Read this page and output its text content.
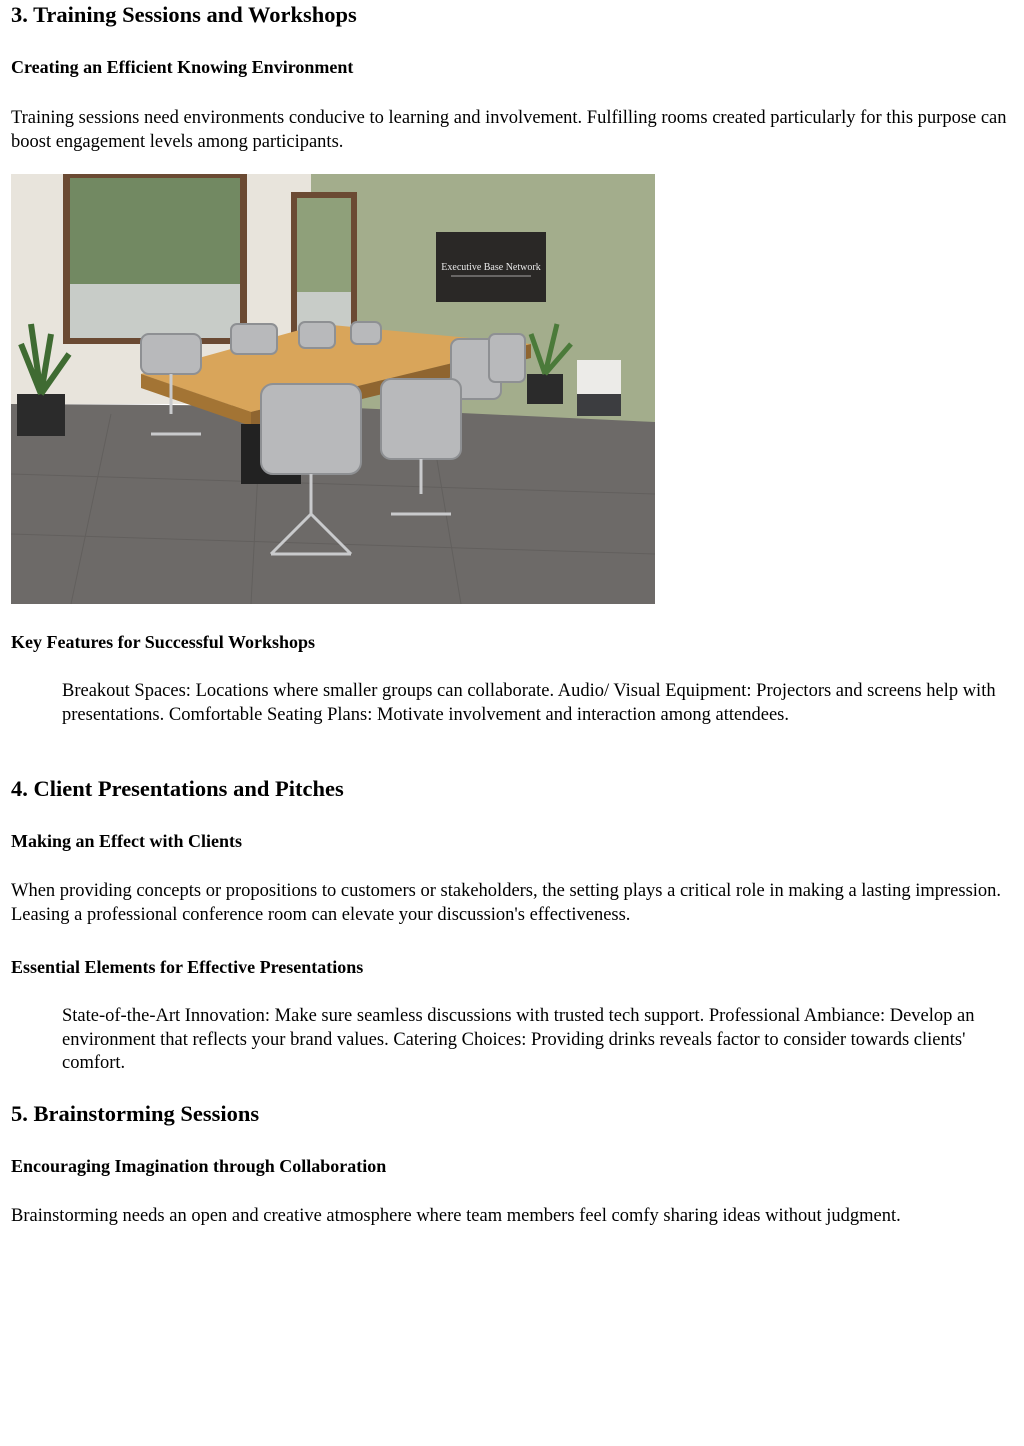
3. Training Sessions and Workshops
Creating an Efficient Knowing Environment

Training sessions need environments conducive to learning and involvement. Fulfilling rooms created particularly for this purpose can boost engagement levels among participants.

Executive Base Network
Key Features for Successful Workshops

Breakout Spaces: Locations where smaller groups can collaborate. Audio/ Visual Equipment: Projectors and screens help with presentations. Comfortable Seating Plans: Motivate involvement and interaction among attendees.

4. Client Presentations and Pitches
Making an Effect with Clients

When providing concepts or propositions to customers or stakeholders, the setting plays a critical role in making a lasting impression. Leasing a professional conference room can elevate your discussion's effectiveness.

Essential Elements for Effective Presentations

State-of-the-Art Innovation: Make sure seamless discussions with trusted tech support. Professional Ambiance: Develop an environment that reflects your brand values. Catering Choices: Providing drinks reveals factor to consider towards clients' comfort.

5. Brainstorming Sessions
Encouraging Imagination through Collaboration

Brainstorming needs an open and creative atmosphere where team members feel comfy sharing ideas without judgment.
